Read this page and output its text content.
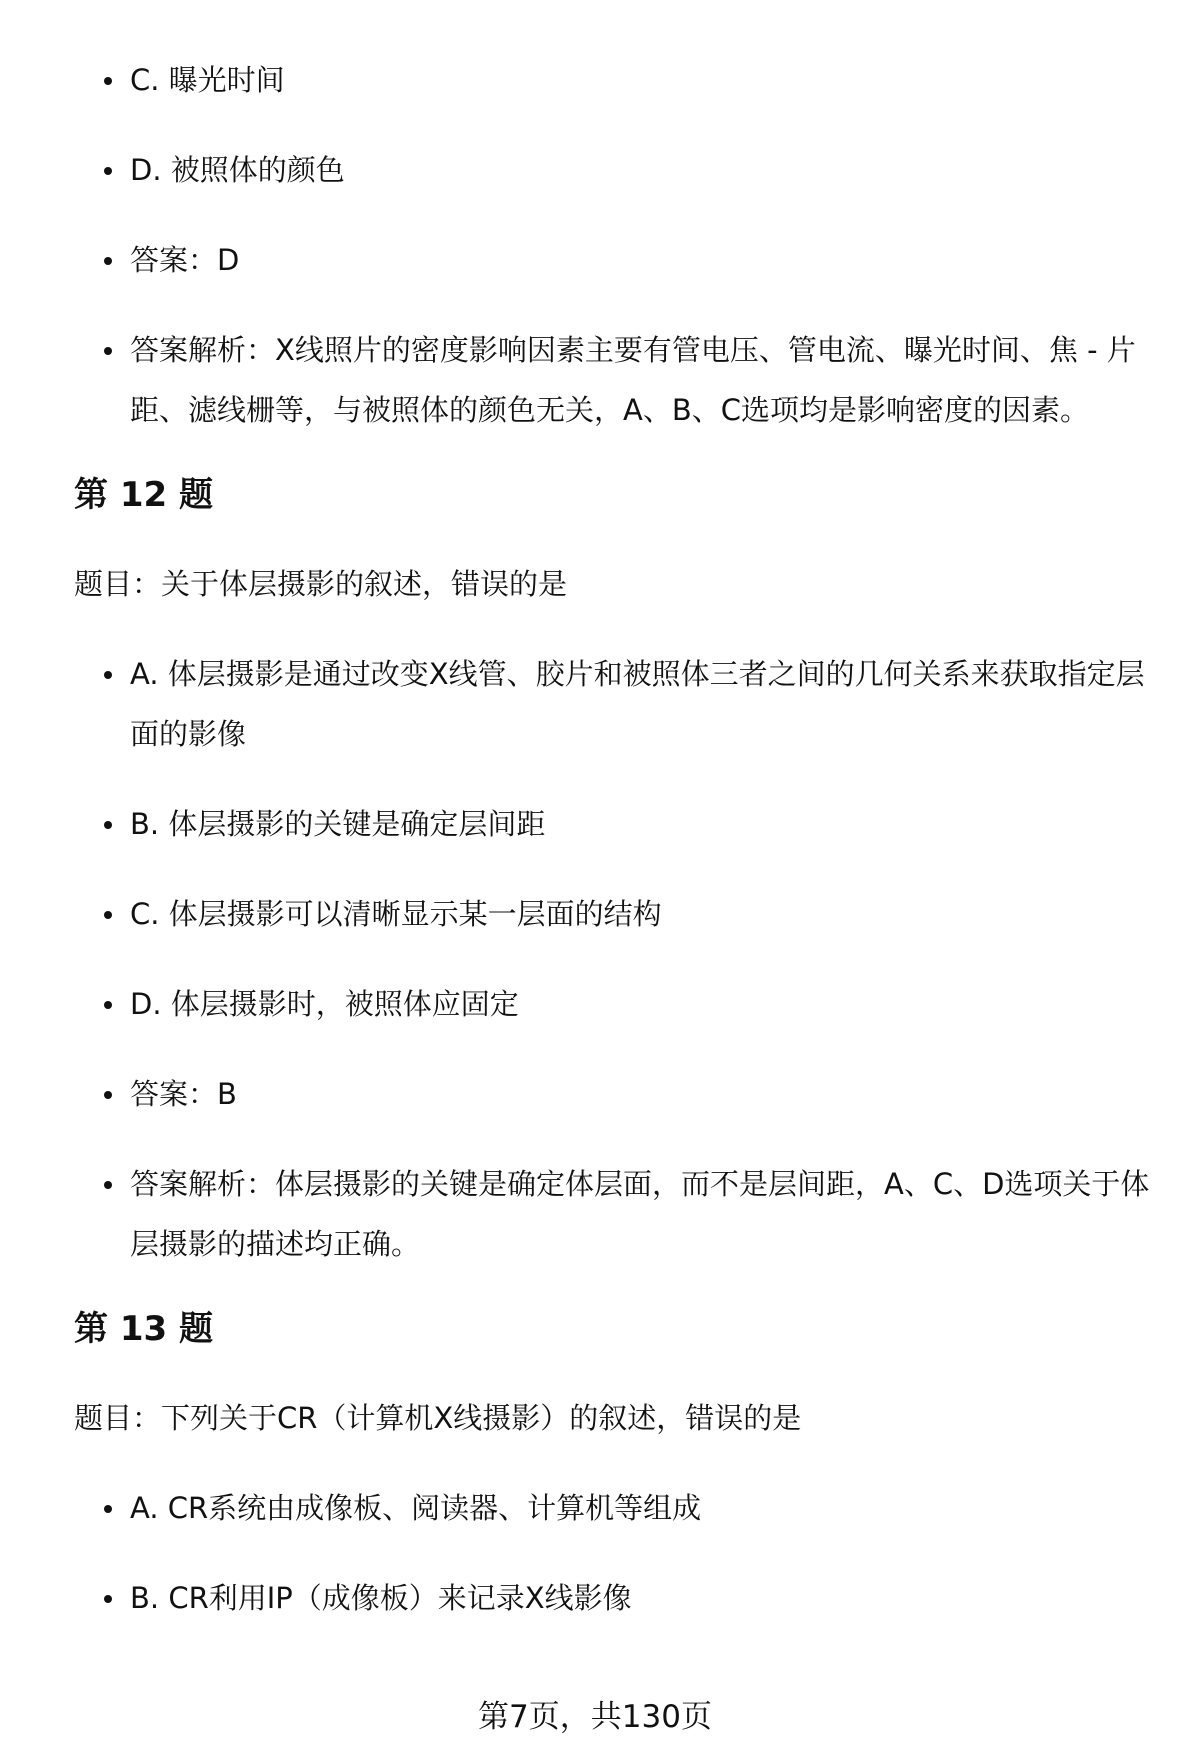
C. 曝光时间
D. 被照体的颜色
答案：D
答案解析：X线照片的密度影响因素主要有管电压、管电流、曝光时间、焦 - 片距、滤线栅等，与被照体的颜色无关，A、B、C选项均是影响密度的因素。
第 12 题

题目：关于体层摄影的叙述，错误的是

A. 体层摄影是通过改变X线管、胶片和被照体三者之间的几何关系来获取指定层面的影像
B. 体层摄影的关键是确定层间距
C. 体层摄影可以清晰显示某一层面的结构
D. 体层摄影时，被照体应固定
答案：B
答案解析：体层摄影的关键是确定体层面，而不是层间距，A、C、D选项关于体层摄影的描述均正确。
第 13 题

题目：下列关于CR（计算机X线摄影）的叙述，错误的是

A. CR系统由成像板、阅读器、计算机等组成
B. CR利用IP（成像板）来记录X线影像
第7页，共130页
